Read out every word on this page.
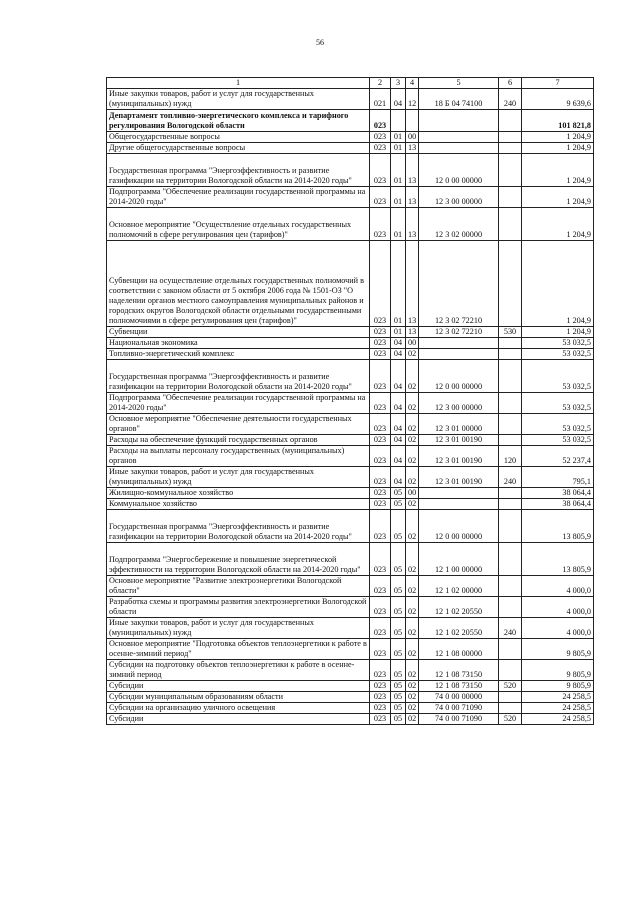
56
1	2	3	4	5	6	7
Иные закупки товаров, работ и услуг для государственных (муниципальных) нужд	021	04	12	18 Б 04 74100	240	9 639,6
Департамент топливно-энергетического комплекса и тарифного регулирования Вологодской области	023					101 821,8
Общегосударственные вопросы	023	01	00			1 204,9
Другие общегосударственные вопросы	023	01	13			1 204,9
Государственная программа "Энергоэффективность и развитие газификации на территории Вологодской области на 2014-2020 годы"	023	01	13	12 0 00 00000		1 204,9
Подпрограмма "Обеспечение реализации государственной программы на 2014-2020 годы"	023	01	13	12 3 00 00000		1 204,9
Основное мероприятие "Осуществление отдельных государственных полномочий в сфере регулирования цен (тарифов)"	023	01	13	12 3 02 00000		1 204,9
Субвенции на осуществление отдельных государственных полномочий в соответствии с законом области от 5 октября 2006 года № 1501-ОЗ "О наделении органов местного самоуправления муниципальных районов и городских округов Вологодской области отдельными государственными полномочиями в сфере регулирования цен (тарифов)"	023	01	13	12 3 02 72210		1 204,9
Субвенции	023	01	13	12 3 02 72210	530	1 204,9
Национальная экономика	023	04	00			53 032,5
Топливно-энергетический комплекс	023	04	02			53 032,5
Государственная программа "Энергоэффективность и развитие газификации на территории Вологодской области на 2014-2020 годы"	023	04	02	12 0 00 00000		53 032,5
Подпрограмма "Обеспечение реализации государственной программы на 2014-2020 годы"	023	04	02	12 3 00 00000		53 032,5
Основное мероприятие "Обеспечение деятельности государственных органов"	023	04	02	12 3 01 00000		53 032,5
Расходы на обеспечение функций государственных органов	023	04	02	12 3 01 00190		53 032,5
Расходы на выплаты персоналу государственных (муниципальных) органов	023	04	02	12 3 01 00190	120	52 237,4
Иные закупки товаров, работ и услуг для государственных (муниципальных) нужд	023	04	02	12 3 01 00190	240	795,1
Жилищно-коммунальное хозяйство	023	05	00			38 064,4
Коммунальное хозяйство	023	05	02			38 064,4
Государственная программа "Энергоэффективность и развитие газификации на территории Вологодской области на 2014-2020 годы"	023	05	02	12 0 00 00000		13 805,9
Подпрограмма "Энергосбережение и повышение энергетической эффективности на территории Вологодской области на 2014-2020 годы"	023	05	02	12 1 00 00000		13 805,9
Основное мероприятие "Развитие электроэнергетики Вологодской области"	023	05	02	12 1 02 00000		4 000,0
Разработка схемы и программы развития электроэнергетики Вологодской области	023	05	02	12 1 02 20550		4 000,0
Иные закупки товаров, работ и услуг для государственных (муниципальных) нужд	023	05	02	12 1 02 20550	240	4 000,0
Основное мероприятие "Подготовка объектов теплоэнергетики к работе в осенне-зимний период"	023	05	02	12 1 08 00000		9 805,9
Субсидии на подготовку объектов теплоэнергетики к работе в осенне-зимний период	023	05	02	12 1 08 73150		9 805,9
Субсидии	023	05	02	12 1 08 73150	520	9 805,9
Субсидии муниципальным образованиям области	023	05	02	74 0 00 00000		24 258,5
Субсидии на организацию уличного освещения	023	05	02	74 0 00 71090		24 258,5
Субсидии	023	05	02	74 0 00 71090	520	24 258,5
